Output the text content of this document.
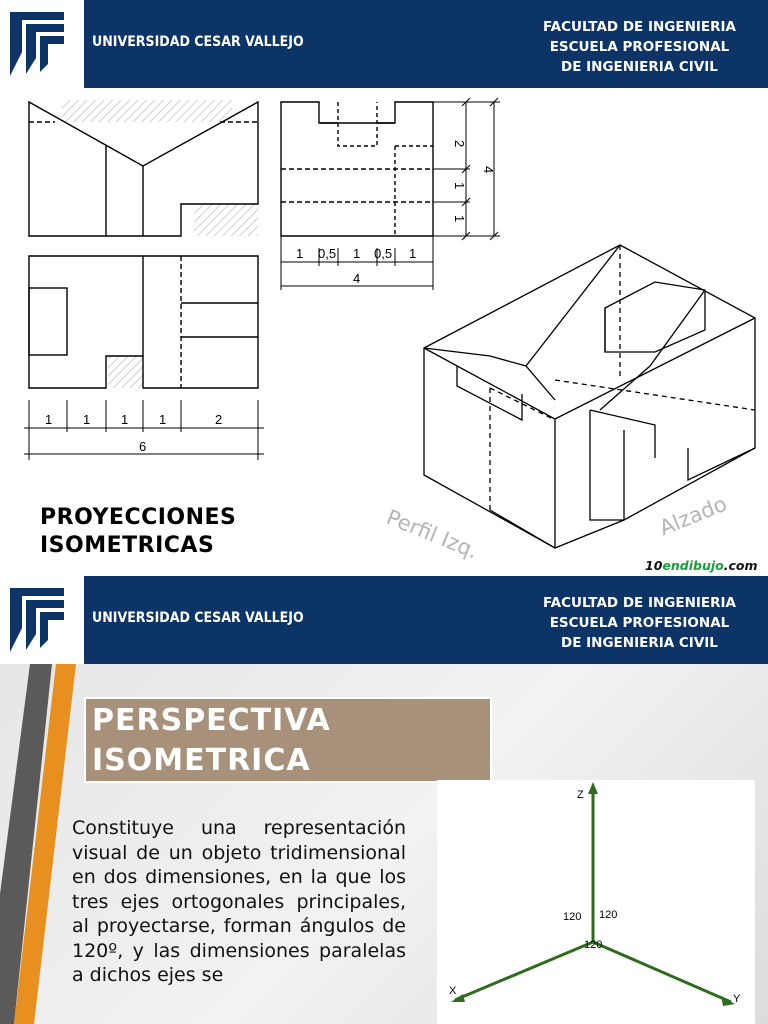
UNIVERSIDAD CESAR VALLEJO
FACULTAD DE INGENIERIA
ESCUELA PROFESIONAL
DE INGENIERIA CIVIL
2
1
1
4
1 0,5 1 0,5 1
4
1 1 1 1	2
6
Perfil Izq.	Alzado
PROYECCIONES
ISOMETRICAS
10endibujo.com
UNIVERSIDAD CESAR VALLEJO
FACULTAD DE INGENIERIA
ESCUELA PROFESIONAL
DE INGENIERIA CIVIL
PERSPECTIVA
ISOMETRICA
Constituye una representación visual de un objeto tridimensional en dos dimensiones, en la que los tres ejes ortogonales principales, al proyectarse, forman ángulos de 120º, y las dimensiones paralelas a dichos ejes se
Z
X
Y
120 120
120
